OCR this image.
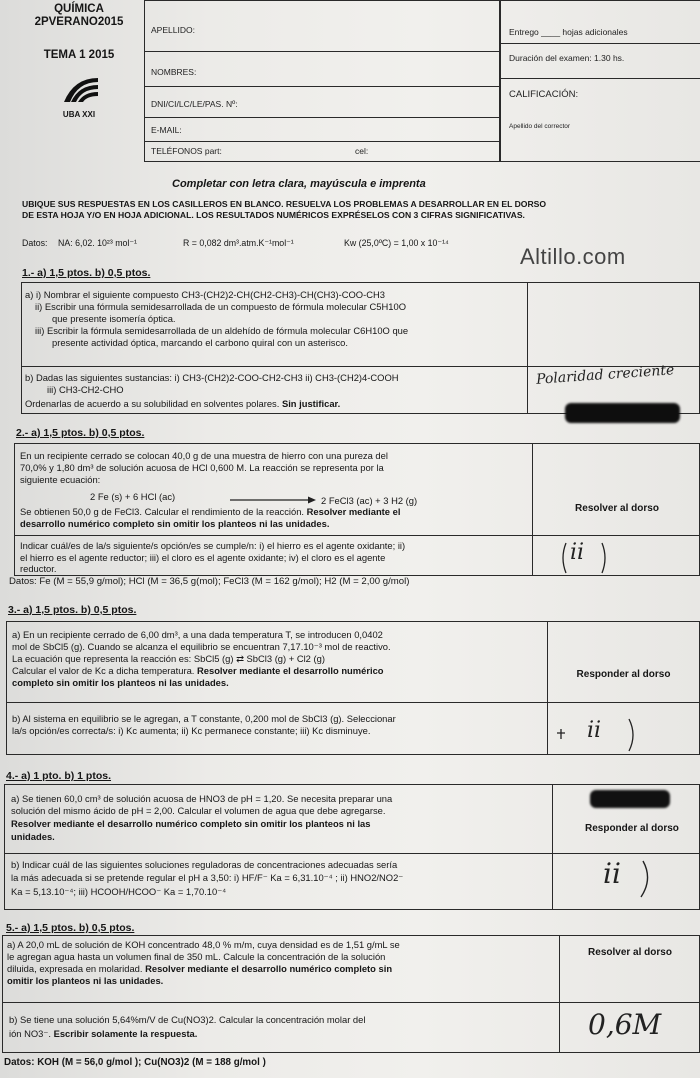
QUÍMICA
2PVERANO2015
TEMA 1 2015
UBA XXI
APELLIDO:
NOMBRES:
DNI/CI/LC/LE/PAS. Nº:
E-MAIL:
TELÉFONOS part:	cel:
Entrego ____ hojas adicionales
Duración del examen: 1.30 hs.
CALIFICACIÓN:
Apellido del corrector
Completar con letra clara, mayúscula e imprenta
UBIQUE SUS RESPUESTAS EN LOS CASILLEROS EN BLANCO. RESUELVA LOS PROBLEMAS A DESARROLLAR EN EL DORSO
DE ESTA HOJA Y/O EN HOJA ADICIONAL. LOS RESULTADOS NUMÉRICOS EXPRÉSELOS CON 3 CIFRAS SIGNIFICATIVAS.
Datos: NA: 6,02. 10²³ mol⁻¹	R = 0,082 dm³.atm.K⁻¹mol⁻¹	Kw (25,0ºC) = 1,00 x 10⁻¹⁴
Altillo.com
1.- a) 1,5 ptos. b) 0,5 ptos.
a) i) Nombrar el siguiente compuesto CH3-(CH2)2-CH(CH2-CH3)-CH(CH3)-COO-CH3
ii) Escribir una fórmula semidesarrollada de un compuesto de fórmula molecular C5H10O
que presente isomería óptica.
iii) Escribir la fórmula semidesarrollada de un aldehído de fórmula molecular C6H10O que
presente actividad óptica, marcando el carbono quiral con un asterisco.
b) Dadas las siguientes sustancias: i) CH3-(CH2)2-COO-CH2-CH3 ii) CH3-(CH2)4-COOH
iii) CH3-CH2-CHO
Ordenarlas de acuerdo a su solubilidad en solventes polares. Sin justificar.
Polaridad creciente
2.- a) 1,5 ptos. b) 0,5 ptos.
En un recipiente cerrado se colocan 40,0 g de una muestra de hierro con una pureza del
70,0% y 1,80 dm³ de solución acuosa de HCl 0,600 M. La reacción se representa por la
siguiente ecuación:
2 Fe (s) + 6 HCl (ac)	2 FeCl3 (ac) + 3 H2 (g)
Se obtienen 50,0 g de FeCl3. Calcular el rendimiento de la reacción. Resolver mediante el
desarrollo numérico completo sin omitir los planteos ni las unidades.
Resolver al dorso
Indicar cuál/es de la/s siguiente/s opción/es se cumple/n: i) el hierro es el agente oxidante; ii)
el hierro es el agente reductor; iii) el cloro es el agente oxidante; iv) el cloro es el agente
reductor.
ii
Datos: Fe (M = 55,9 g/mol); HCl (M = 36,5 g(mol); FeCl3 (M = 162 g/mol); H2 (M = 2,00 g/mol)
3.- a) 1,5 ptos. b) 0,5 ptos.
a) En un recipiente cerrado de 6,00 dm³, a una dada temperatura T, se introducen 0,0402
mol de SbCl5 (g). Cuando se alcanza el equilibrio se encuentran 7,17.10⁻³ mol de reactivo.
La ecuación que representa la reacción es: SbCl5 (g) ⇄ SbCl3 (g) + Cl2 (g)
Calcular el valor de Kc a dicha temperatura. Resolver mediante el desarrollo numérico
completo sin omitir los planteos ni las unidades.
Responder al dorso
b) Al sistema en equilibrio se le agregan, a T constante, 0,200 mol de SbCl3 (g). Seleccionar
la/s opción/es correcta/s: i) Kc aumenta; ii) Kc permanece constante; iii) Kc disminuye.	ii
4.- a) 1 pto. b) 1 ptos.
a) Se tienen 60,0 cm³ de solución acuosa de HNO3 de pH = 1,20. Se necesita preparar una
solución del mismo ácido de pH = 2,00. Calcular el volumen de agua que debe agregarse.
Resolver mediante el desarrollo numérico completo sin omitir los planteos ni las
unidades.
Responder al dorso
b) Indicar cuál de las siguientes soluciones reguladoras de concentraciones adecuadas sería
la más adecuada si se pretende regular el pH a 3,50: i) HF/F⁻ Ka = 6,31.10⁻⁴ ; ii) HNO2/NO2⁻
Ka = 5,13.10⁻⁴; iii) HCOOH/HCOO⁻ Ka = 1,70.10⁻⁴
ii
5.- a) 1,5 ptos. b) 0,5 ptos.
a) A 20,0 mL de solución de KOH concentrado 48,0 % m/m, cuya densidad es de 1,51 g/mL se
le agregan agua hasta un volumen final de 350 mL. Calcule la concentración de la solución
diluida, expresada en molaridad. Resolver mediante el desarrollo numérico completo sin
omitir los planteos ni las unidades.
Resolver al dorso
b) Se tiene una solución 5,64%m/V de Cu(NO3)2. Calcular la concentración molar del
ión NO3⁻. Escribir solamente la respuesta.	0,6M
Datos: KOH (M = 56,0 g/mol ); Cu(NO3)2 (M = 188 g/mol )
